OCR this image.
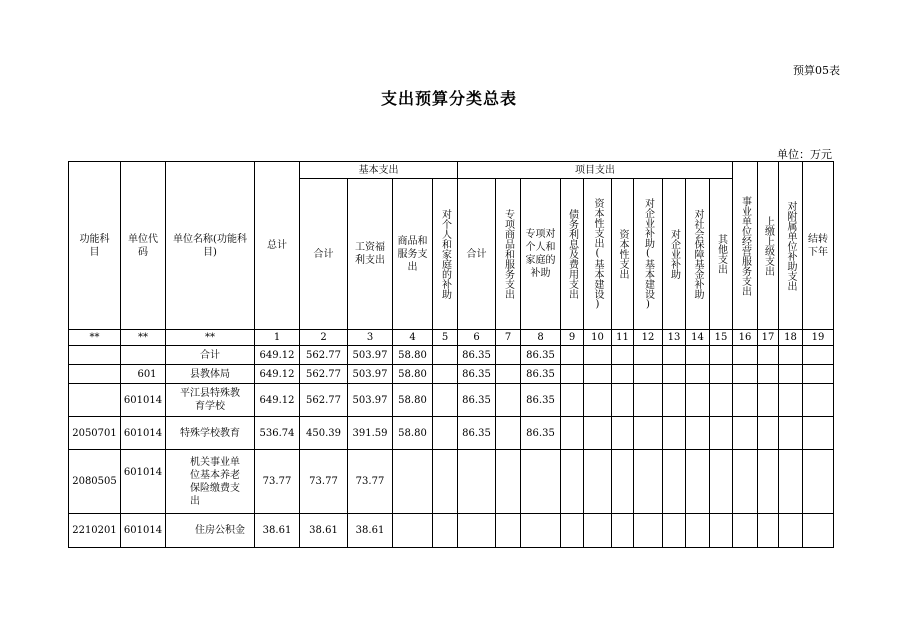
预算05表
支出预算分类总表
单位：万元
功能科目	单位代码	单位名称(功能科目)	总计	基本支出				项目支出										事业单位经营服务支出	上缴上级支出	对附属单位补助支出	结转下年
				合计	工资福利支出	商品和服务支出	对个人和家庭的补助	合计	专项商品和服务支出	专项对个人和家庭的补助	债务利息及费用支出	资本性支出(基本建设)	资本性支出	对企业补助(基本建设)	对企业补助	对社会保障基金补助	其他支出				

**	**	**	1	2	3	4	5	6	7	8	9	10	11	12	13	14	15	16	17	18	19
		合计	649.12	562.77	503.97	58.80		86.35		86.35											
	601	县教体局	649.12	562.77	503.97	58.80		86.35		86.35											
	601014	平江县特殊教育学校	649.12	562.77	503.97	58.80		86.35		86.35											
2050701	601014	特殊学校教育	536.74	450.39	391.59	58.80		86.35		86.35											
2080505	601014	机关事业单位基本养老保险缴费支出	73.77	73.77	73.77																
2210201	601014	住房公积金	38.61	38.61	38.61																
